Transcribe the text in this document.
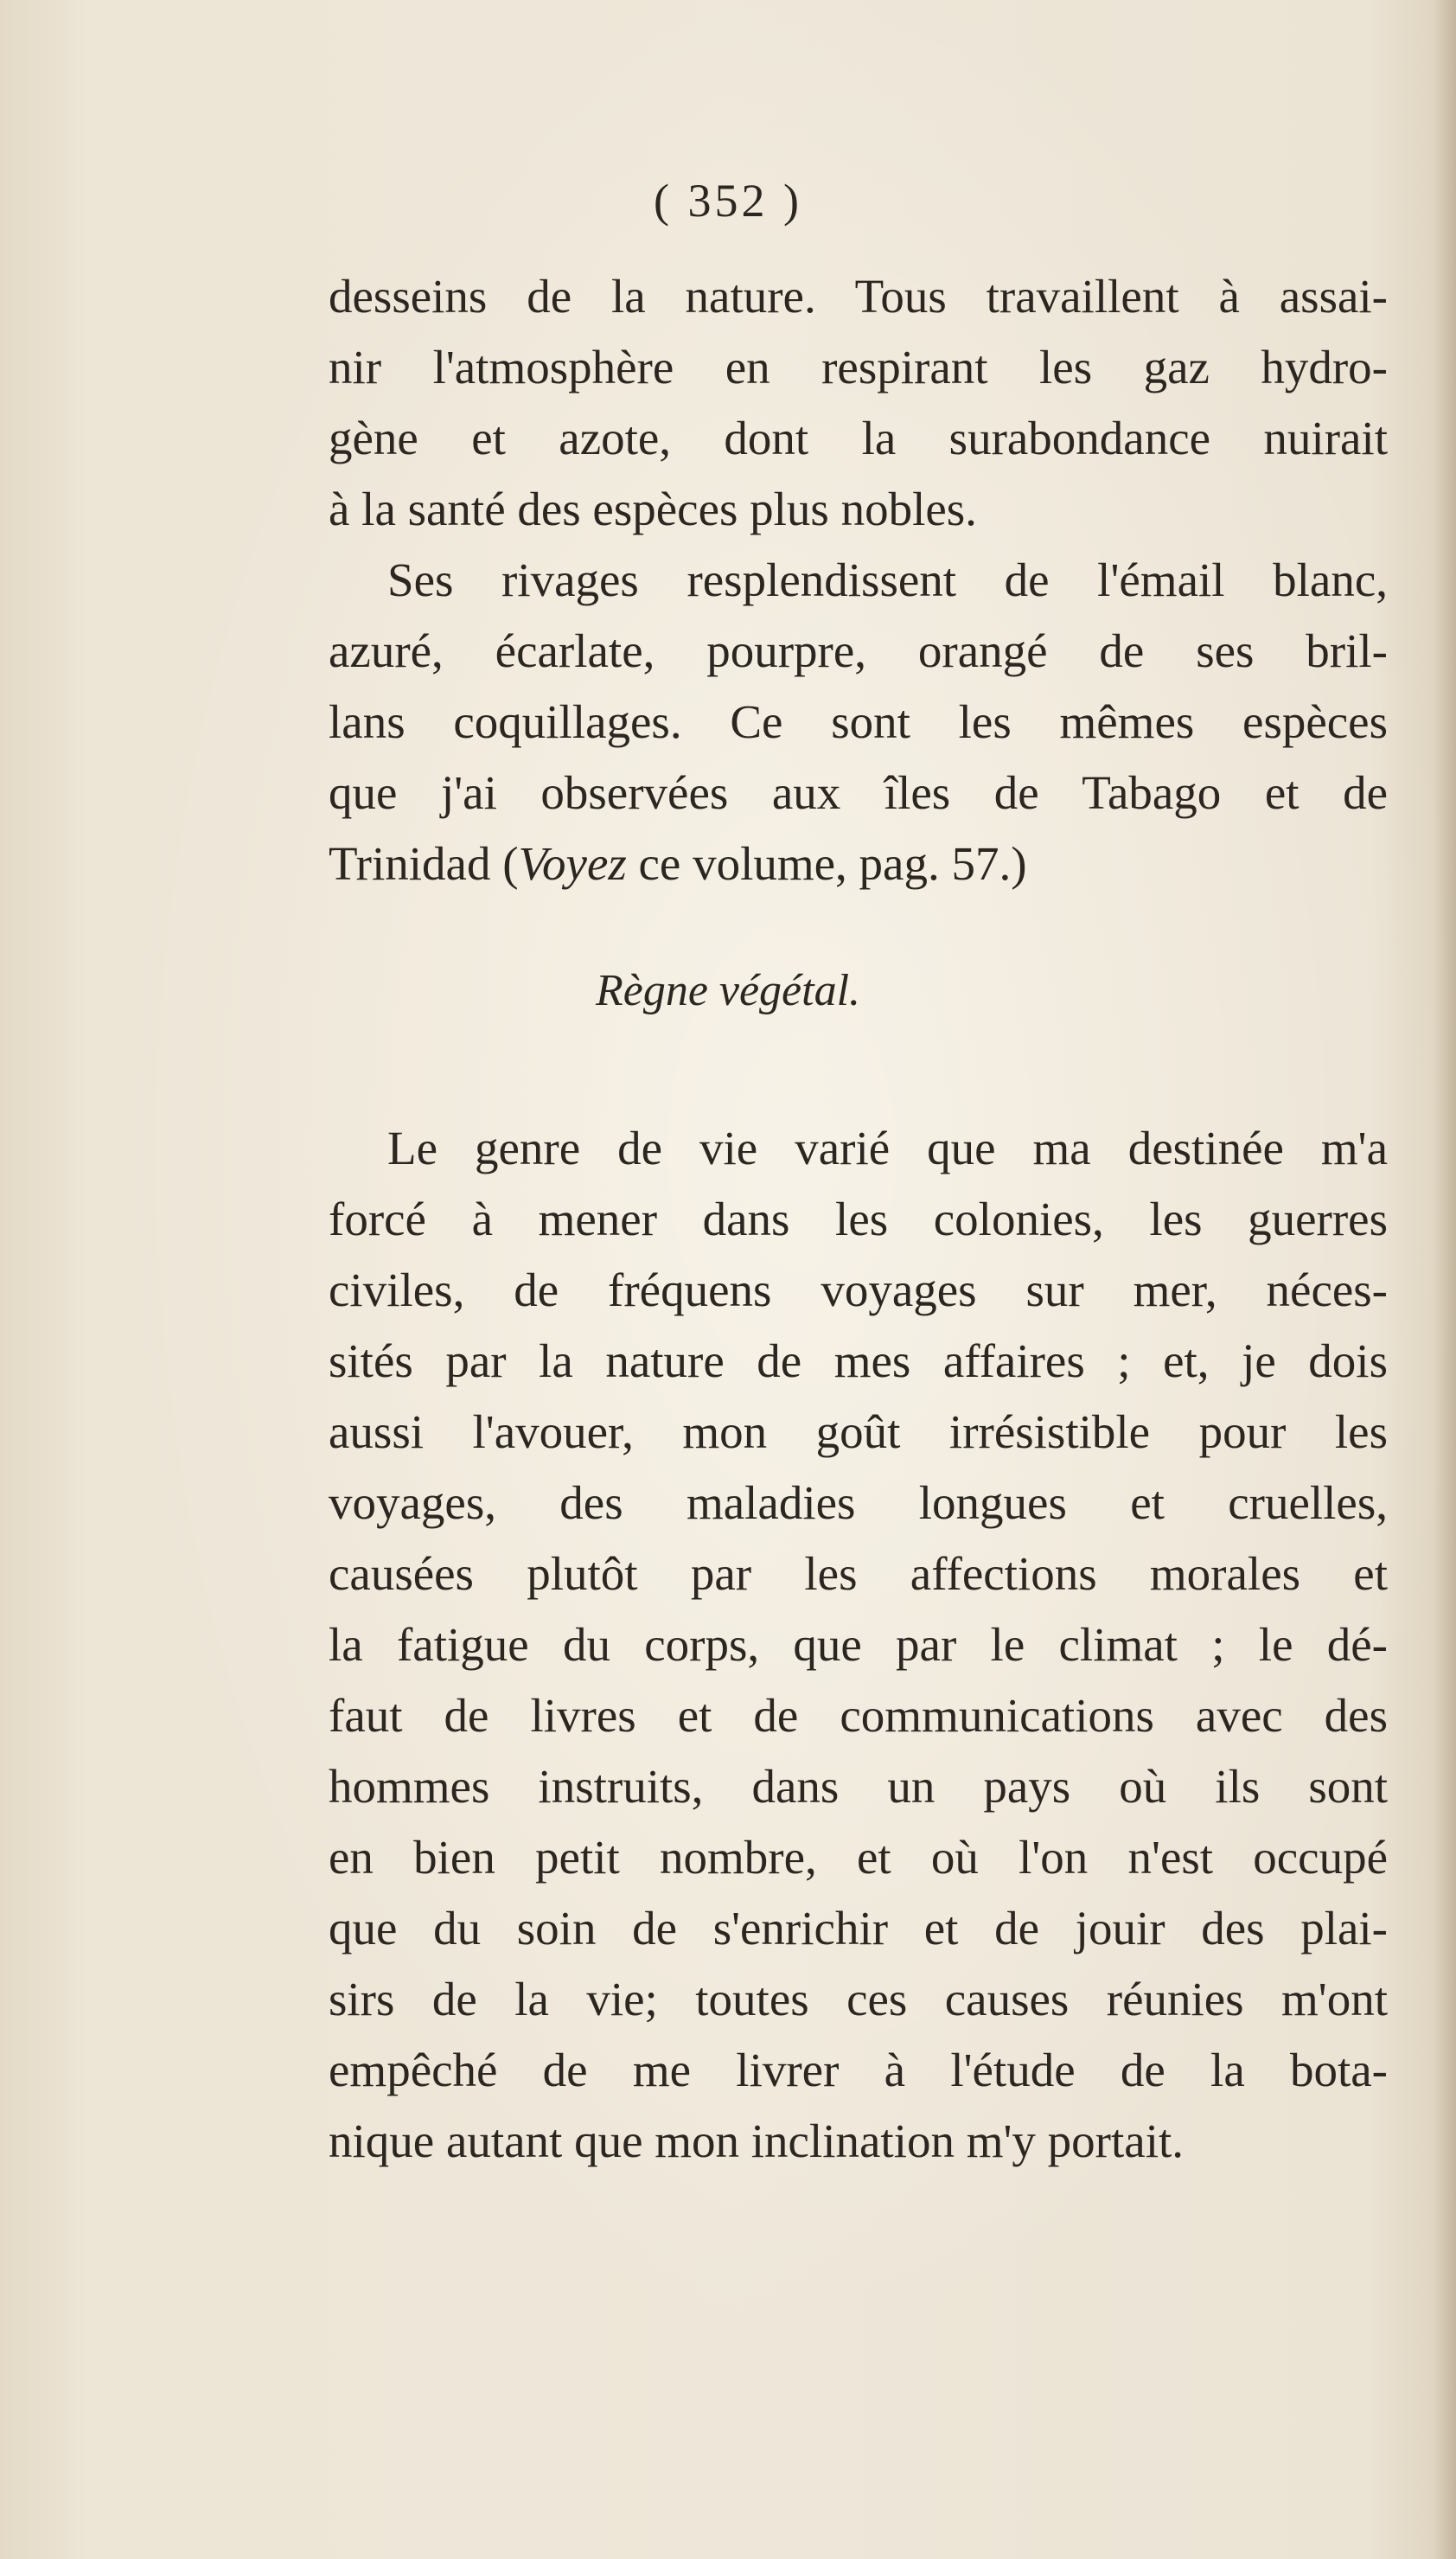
( 352 )
desseins de la nature. Tous travaillent à assai-
nir l'atmosphère en respirant les gaz hydro-
gène et azote, dont la surabondance nuirait
à la santé des espèces plus nobles.
Ses rivages resplendissent de l'émail blanc,
azuré, écarlate, pourpre, orangé de ses bril-
lans coquillages. Ce sont les mêmes espèces
que j'ai observées aux îles de Tabago et de
Trinidad (Voyez ce volume, pag. 57.)
Règne végétal.
Le genre de vie varié que ma destinée m'a
forcé à mener dans les colonies, les guerres
civiles, de fréquens voyages sur mer, néces-
sités par la nature de mes affaires ; et, je dois
aussi l'avouer, mon goût irrésistible pour les
voyages, des maladies longues et cruelles,
causées plutôt par les affections morales et
la fatigue du corps, que par le climat ; le dé-
faut de livres et de communications avec des
hommes instruits, dans un pays où ils sont
en bien petit nombre, et où l'on n'est occupé
que du soin de s'enrichir et de jouir des plai-
sirs de la vie; toutes ces causes réunies m'ont
empêché de me livrer à l'étude de la bota-
nique autant que mon inclination m'y portait.
